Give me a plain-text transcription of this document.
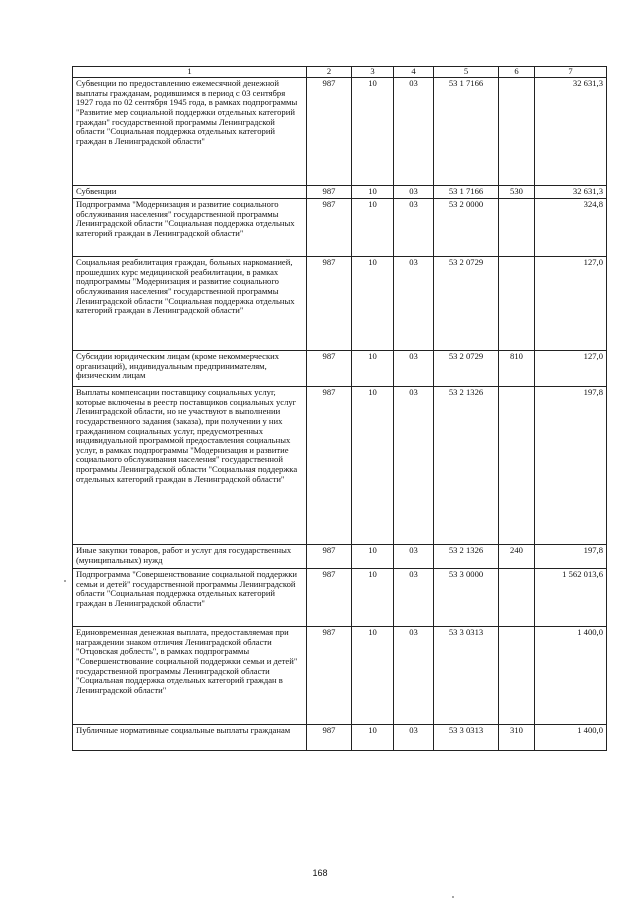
1	2	3	4	5	6	7
Субвенции по предоставлению ежемесячной денежной выплаты гражданам, родившимся в период с 03 сентября 1927 года по 02 сентября 1945 года, в рамках подпрограммы "Развитие мер социальной поддержки отдельных категорий граждан" государственной программы Ленинградской области "Социальная поддержка отдельных категорий граждан в Ленинградской области"	987	10	03	53 1 7166		32 631,3
Субвенции	987	10	03	53 1 7166	530	32 631,3
Подпрограмма "Модернизация и развитие социального обслуживания населения" государственной программы Ленинградской области "Социальная поддержка отдельных категорий граждан в Ленинградской области"	987	10	03	53 2 0000		324,8
Социальная реабилитация граждан, больных наркоманией, прошедших курс медицинской реабилитации, в рамках подпрограммы "Модернизация и развитие социального обслуживания населения" государственной программы Ленинградской области "Социальная поддержка отдельных категорий граждан в Ленинградской области"	987	10	03	53 2 0729		127,0
Субсидии юридическим лицам (кроме некоммерческих организаций), индивидуальным предпринимателям, физическим лицам	987	10	03	53 2 0729	810	127,0
Выплаты компенсации поставщику социальных услуг, которые включены в реестр поставщиков социальных услуг Ленинградской области, но не участвуют в выполнении государственного задания (заказа), при получении у них гражданином социальных услуг, предусмотренных индивидуальной программой предоставления социальных услуг, в рамках подпрограммы "Модернизация и развитие социального обслуживания населения" государственной программы Ленинградской области "Социальная поддержка отдельных категорий граждан в Ленинградской области"	987	10	03	53 2 1326		197,8
Иные закупки товаров, работ и услуг для государственных (муниципальных) нужд	987	10	03	53 2 1326	240	197,8
Подпрограмма "Совершенствование социальной поддержки семьи и детей" государственной программы Ленинградской области "Социальная поддержка отдельных категорий граждан в Ленинградской области"	987	10	03	53 3 0000		1 562 013,6
Единовременная денежная выплата, предоставляемая при награждении знаком отличия Ленинградской области "Отцовская доблесть", в рамках подпрограммы "Совершенствование социальной поддержки семьи и детей" государственной программы Ленинградской области "Социальная поддержка отдельных категорий граждан в Ленинградской области"	987	10	03	53 3 0313		1 400,0
Публичные нормативные социальные выплаты гражданам	987	10	03	53 3 0313	310	1 400,0
168
